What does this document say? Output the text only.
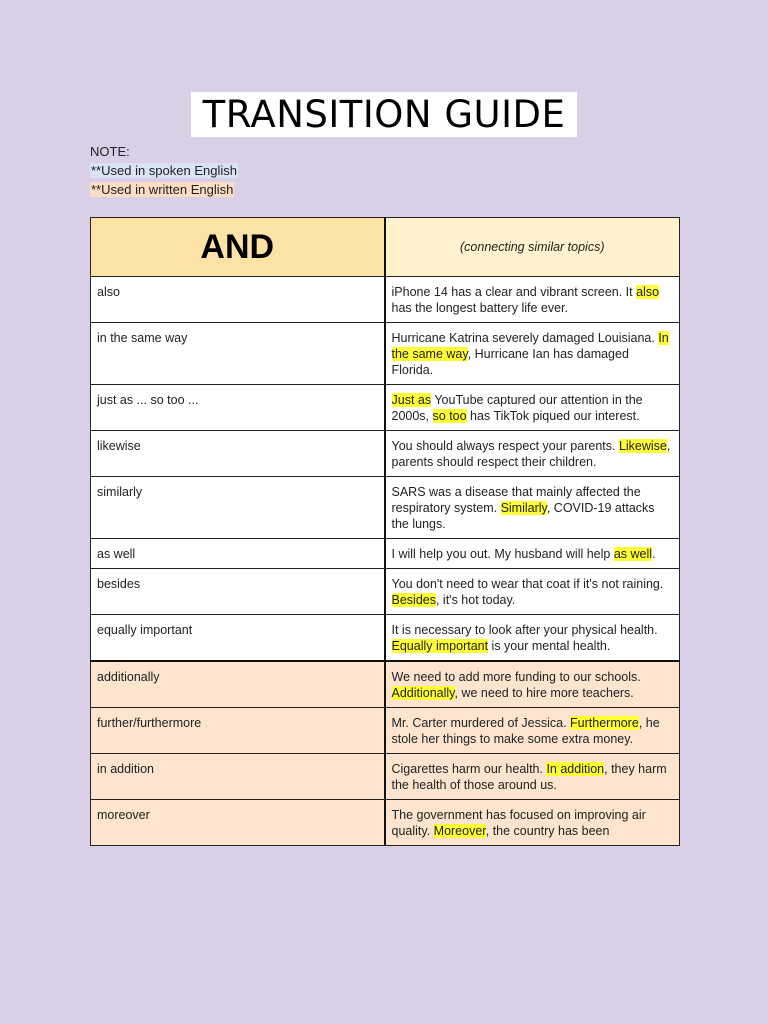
TRANSITION GUIDE
NOTE:
**Used in spoken English
**Used in written English
AND	(connecting similar topics)

also	iPhone 14 has a clear and vibrant screen. It also has the longest battery life ever.
in the same way	Hurricane Katrina severely damaged Louisiana. In the same way, Hurricane Ian has damaged Florida.
just as ... so too ...	Just as YouTube captured our attention in the 2000s, so too has TikTok piqued our interest.
likewise	You should always respect your parents. Likewise, parents should respect their children.
similarly	SARS was a disease that mainly affected the respiratory system. Similarly, COVID-19 attacks the lungs.
as well	I will help you out. My husband will help as well.
besides	You don't need to wear that coat if it's not raining. Besides, it's hot today.
equally important	It is necessary to look after your physical health. Equally important is your mental health.
additionally	We need to add more funding to our schools. Additionally, we need to hire more teachers.
further/furthermore	Mr. Carter murdered of Jessica. Furthermore, he stole her things to make some extra money.
in addition	Cigarettes harm our health. In addition, they harm the health of those around us.
moreover	The government has focused on improving air quality. Moreover, the country has been
